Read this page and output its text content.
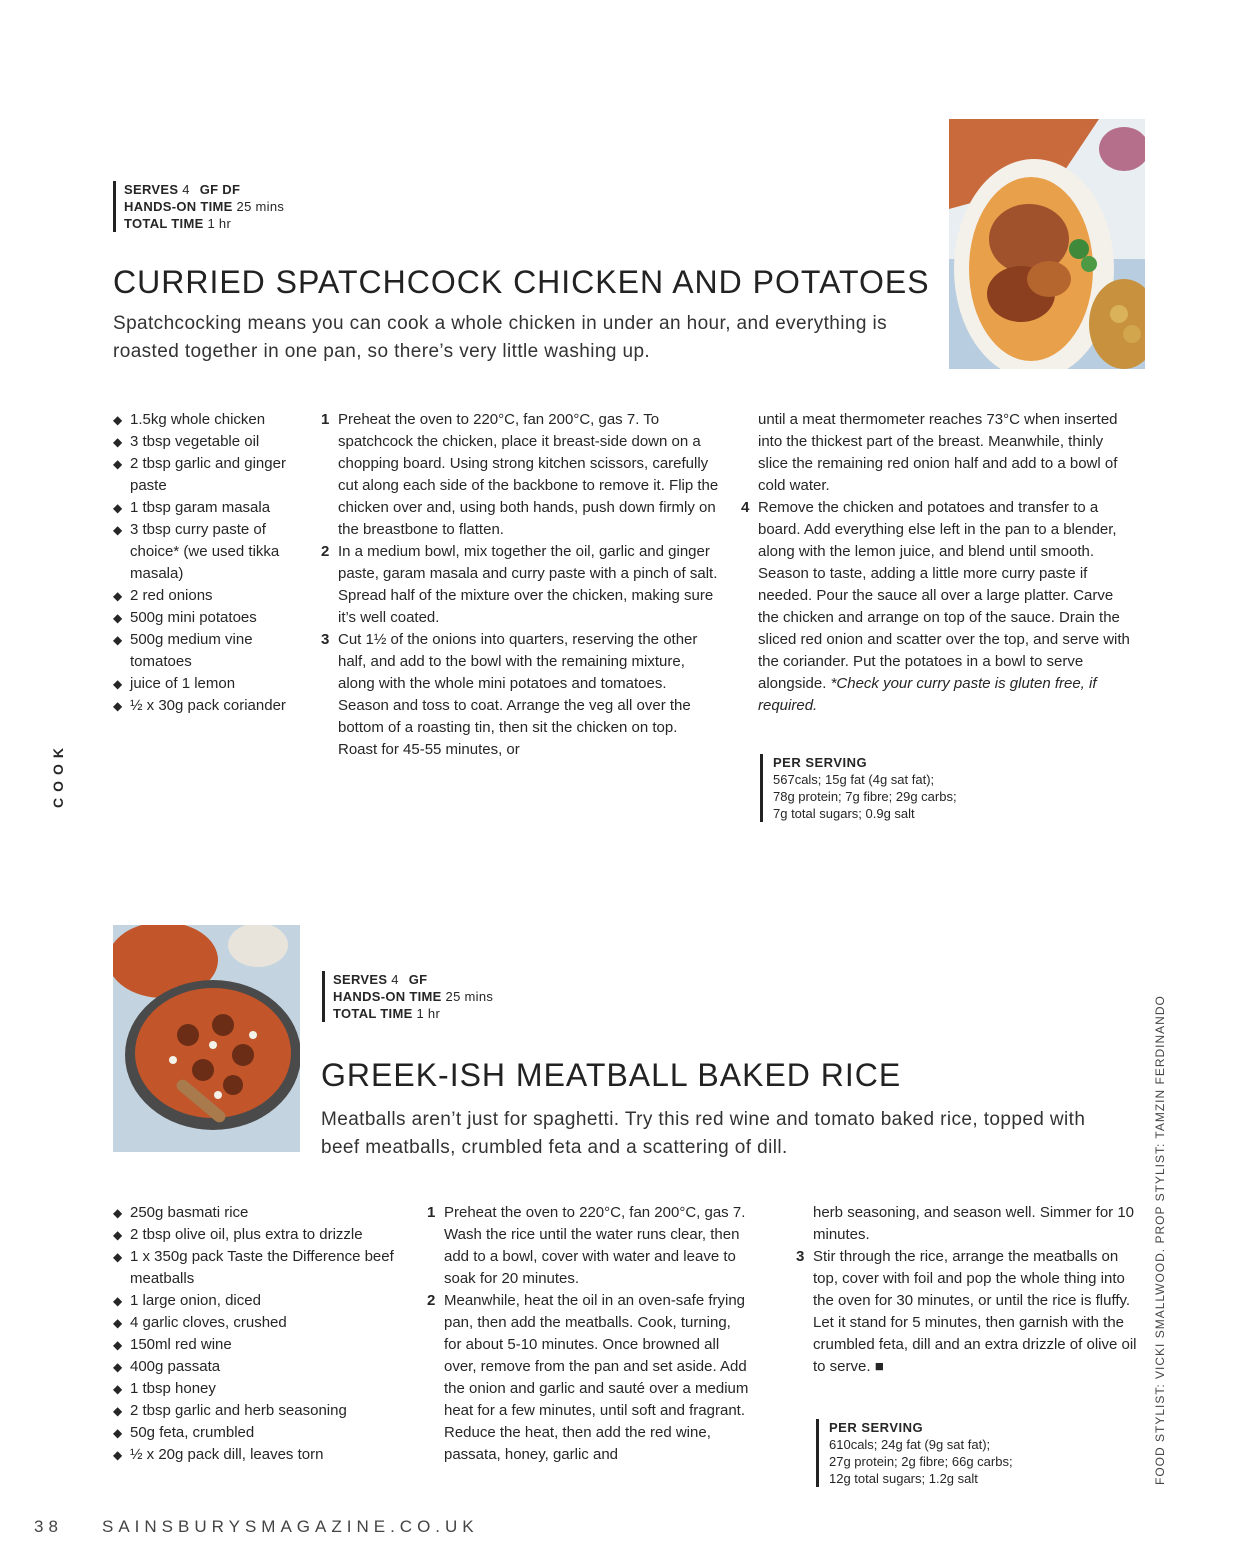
SERVES 4 GF DF
HANDS-ON TIME 25 mins
TOTAL TIME 1 hr
CURRIED SPATCHCOCK CHICKEN AND POTATOES
Spatchcocking means you can cook a whole chicken in under an hour, and everything is roasted together in one pan, so there’s very little washing up.
◆ 1.5kg whole chicken
◆ 3 tbsp vegetable oil
◆ 2 tbsp garlic and ginger paste
◆ 1 tbsp garam masala
◆ 3 tbsp curry paste of choice* (we used tikka masala)
◆ 2 red onions
◆ 500g mini potatoes
◆ 500g medium vine tomatoes
◆ juice of 1 lemon
◆ ½ x 30g pack coriander
1 Preheat the oven to 220°C, fan 200°C, gas 7. To spatchcock the chicken, place it breast-side down on a chopping board. Using strong kitchen scissors, carefully cut along each side of the backbone to remove it. Flip the chicken over and, using both hands, push down firmly on the breastbone to flatten.
2 In a medium bowl, mix together the oil, garlic and ginger paste, garam masala and curry paste with a pinch of salt. Spread half of the mixture over the chicken, making sure it’s well coated.
3 Cut 1½ of the onions into quarters, reserving the other half, and add to the bowl with the remaining mixture, along with the whole mini potatoes and tomatoes. Season and toss to coat. Arrange the veg all over the bottom of a roasting tin, then sit the chicken on top. Roast for 45-55 minutes, or
until a meat thermometer reaches 73°C when inserted into the thickest part of the breast. Meanwhile, thinly slice the remaining red onion half and add to a bowl of cold water.
4 Remove the chicken and potatoes and transfer to a board. Add everything else left in the pan to a blender, along with the lemon juice, and blend until smooth. Season to taste, adding a little more curry paste if needed. Pour the sauce all over a large platter. Carve the chicken and arrange on top of the sauce. Drain the sliced red onion and scatter over the top, and serve with the coriander. Put the potatoes in a bowl to serve alongside. *Check your curry paste is gluten free, if required.
PER SERVING
567cals; 15g fat (4g sat fat);
78g protein; 7g fibre; 29g carbs;
7g total sugars; 0.9g salt
COOK
SERVES 4 GF
HANDS-ON TIME 25 mins
TOTAL TIME 1 hr
GREEK-ISH MEATBALL BAKED RICE
Meatballs aren’t just for spaghetti. Try this red wine and tomato baked rice, topped with beef meatballs, crumbled feta and a scattering of dill.
◆ 250g basmati rice
◆ 2 tbsp olive oil, plus extra to drizzle
◆ 1 x 350g pack Taste the Difference beef meatballs
◆ 1 large onion, diced
◆ 4 garlic cloves, crushed
◆ 150ml red wine
◆ 400g passata
◆ 1 tbsp honey
◆ 2 tbsp garlic and herb seasoning
◆ 50g feta, crumbled
◆ ½ x 20g pack dill, leaves torn
1 Preheat the oven to 220°C, fan 200°C, gas 7. Wash the rice until the water runs clear, then add to a bowl, cover with water and leave to soak for 20 minutes.
2 Meanwhile, heat the oil in an oven-safe frying pan, then add the meatballs. Cook, turning, for about 5-10 minutes. Once browned all over, remove from the pan and set aside. Add the onion and garlic and sauté over a medium heat for a few minutes, until soft and fragrant. Reduce the heat, then add the red wine, passata, honey, garlic and
herb seasoning, and season well. Simmer for 10 minutes.
3 Stir through the rice, arrange the meatballs on top, cover with foil and pop the whole thing into the oven for 30 minutes, or until the rice is fluffy. Let it stand for 5 minutes, then garnish with the crumbled feta, dill and an extra drizzle of olive oil to serve. ■
PER SERVING
610cals; 24g fat (9g sat fat);
27g protein; 2g fibre; 66g carbs;
12g total sugars; 1.2g salt	FOOD STYLIST: VICKI SMALLWOOD. PROP STYLIST: TAMZIN FERDINANDO
38 SAINSBURYSMAGAZINE.CO.UK
